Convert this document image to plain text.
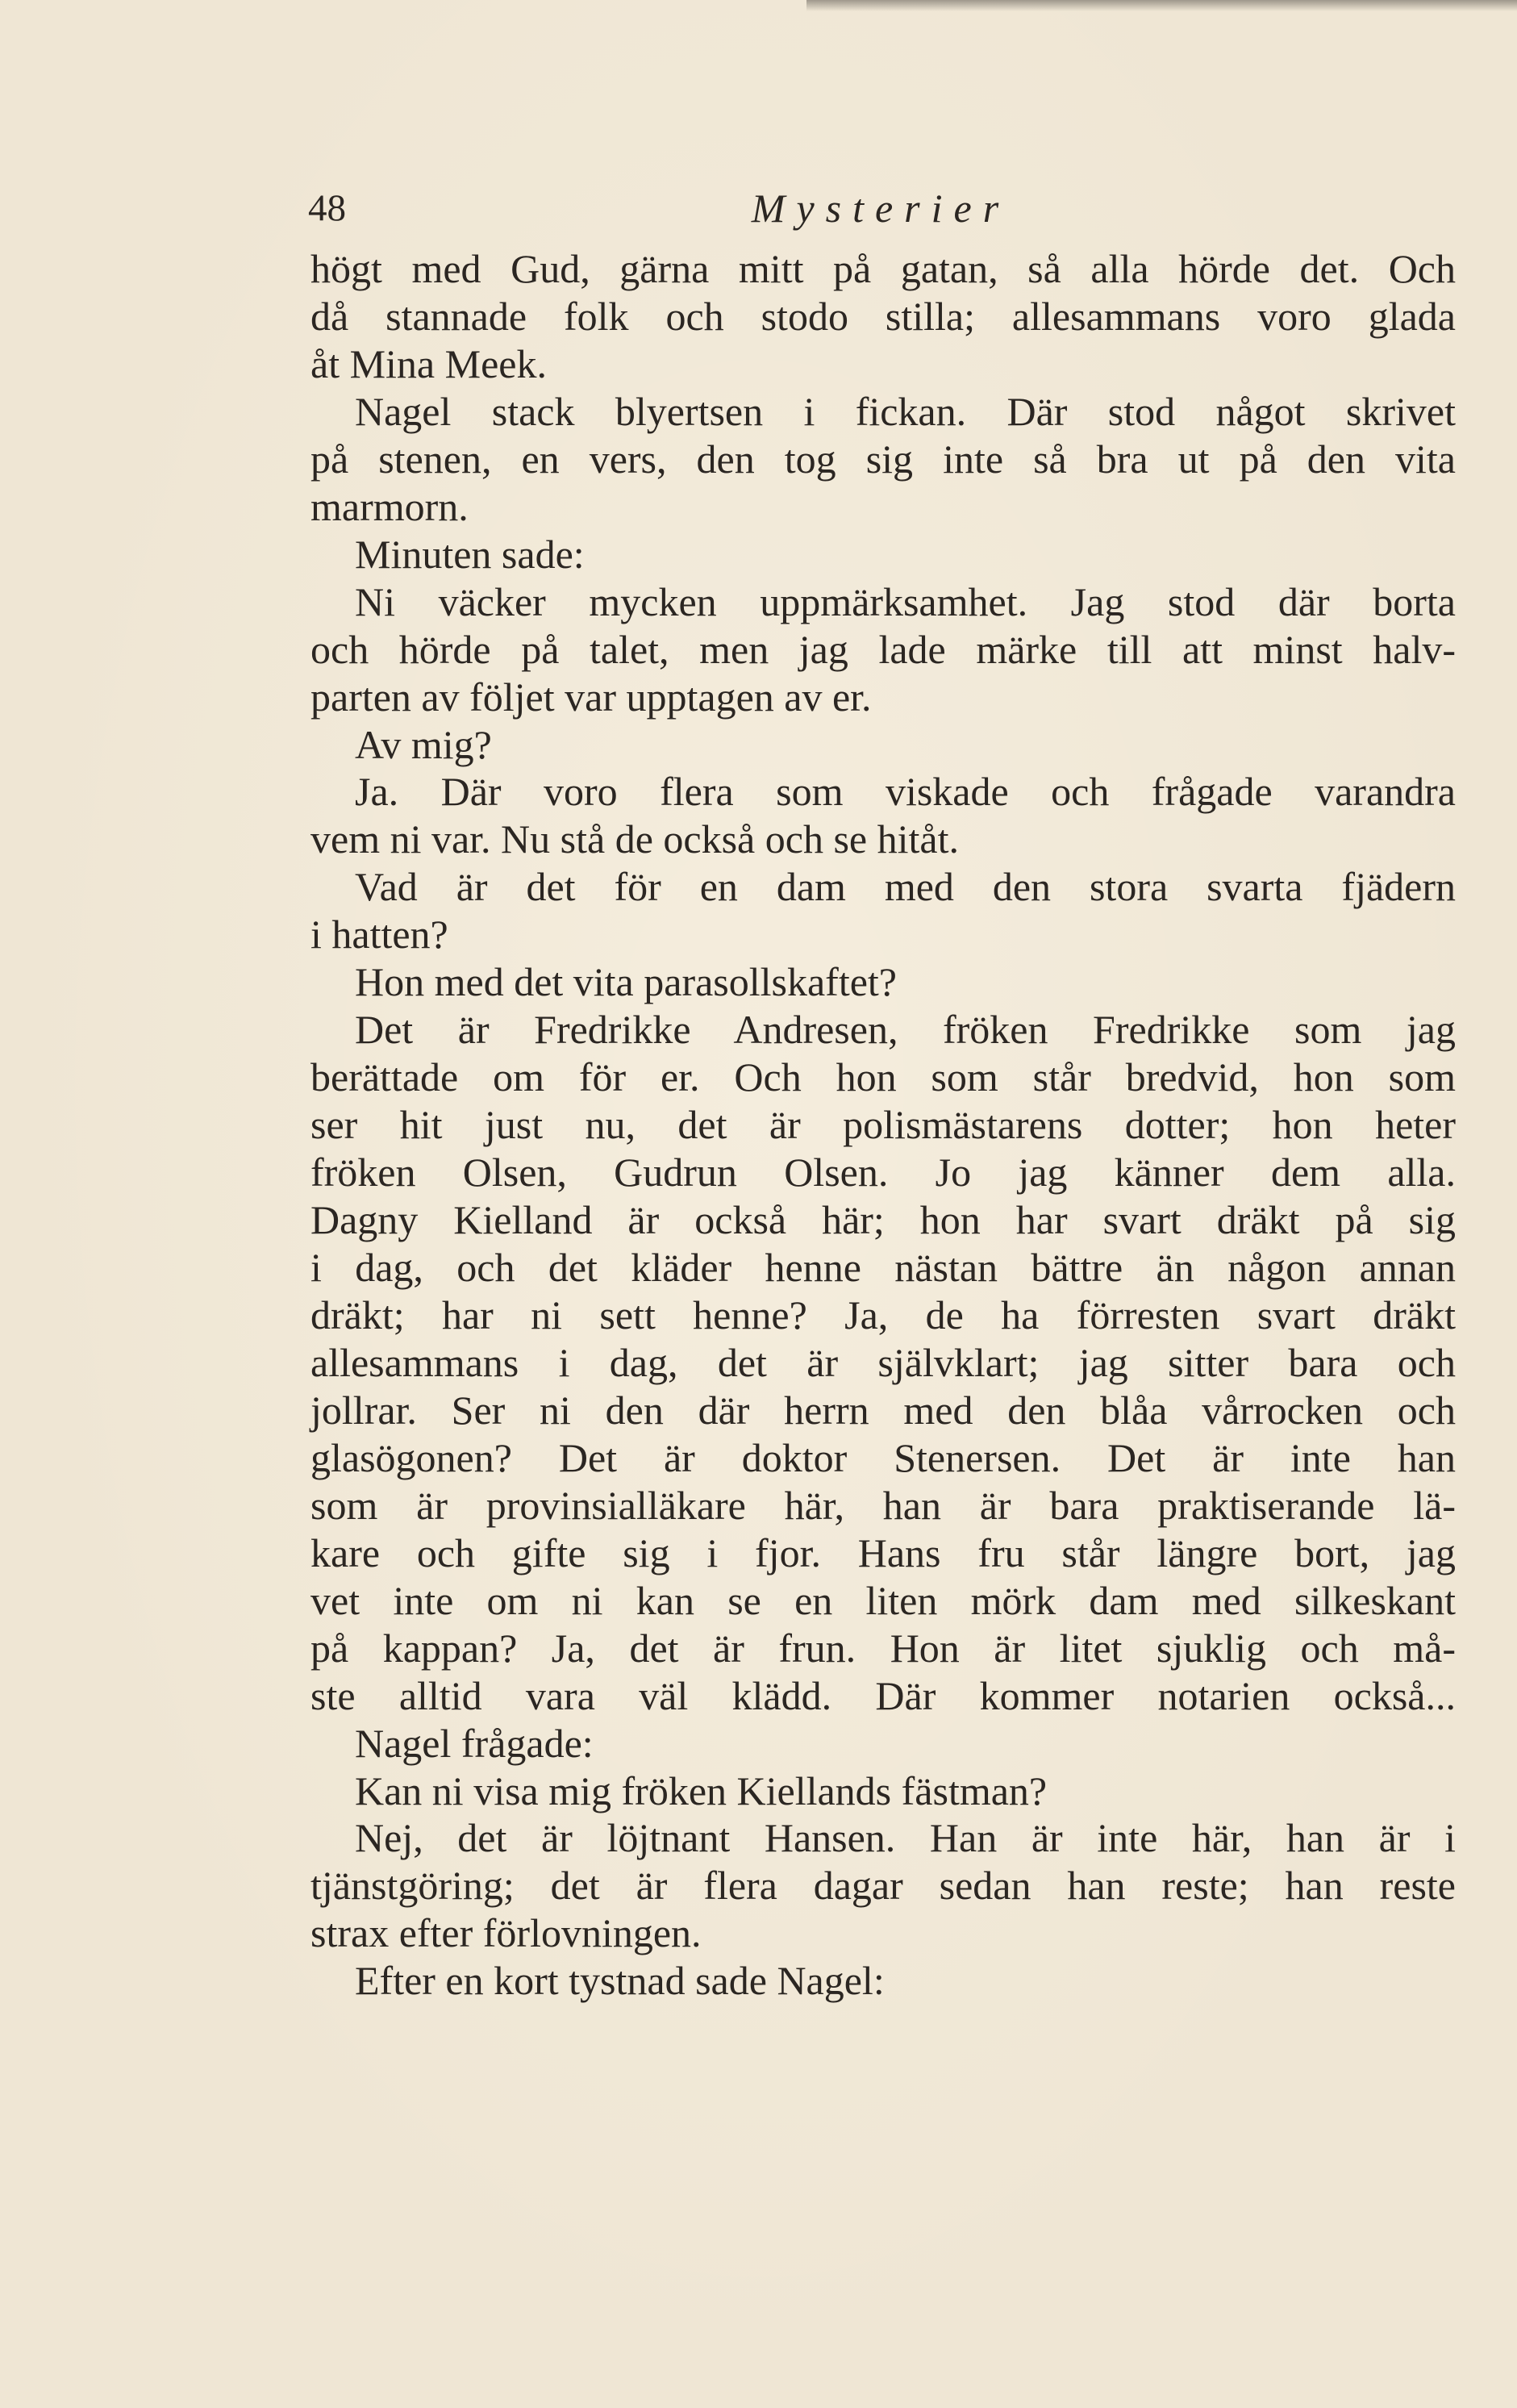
48	Mysterier
högt med Gud, gärna mitt på gatan, så alla hörde det. Och
då stannade folk och stodo stilla; allesammans voro glada
åt Mina Meek.
Nagel stack blyertsen i fickan. Där stod något skrivet
på stenen, en vers, den tog sig inte så bra ut på den vita
marmorn.
Minuten sade:
Ni väcker mycken uppmärksamhet. Jag stod där borta
och hörde på talet, men jag lade märke till att minst halv-
parten av följet var upptagen av er.
Av mig?
Ja. Där voro flera som viskade och frågade varandra
vem ni var. Nu stå de också och se hitåt.
Vad är det för en dam med den stora svarta fjädern
i hatten?
Hon med det vita parasollskaftet?
Det är Fredrikke Andresen, fröken Fredrikke som jag
berättade om för er. Och hon som står bredvid, hon som
ser hit just nu, det är polismästarens dotter; hon heter
fröken Olsen, Gudrun Olsen. Jo jag känner dem alla.
Dagny Kielland är också här; hon har svart dräkt på sig
i dag, och det kläder henne nästan bättre än någon annan
dräkt; har ni sett henne? Ja, de ha förresten svart dräkt
allesammans i dag, det är självklart; jag sitter bara och
jollrar. Ser ni den där herrn med den blåa vårrocken och
glasögonen? Det är doktor Stenersen. Det är inte han
som är provinsialläkare här, han är bara praktiserande lä-
kare och gifte sig i fjor. Hans fru står längre bort, jag
vet inte om ni kan se en liten mörk dam med silkeskant
på kappan? Ja, det är frun. Hon är litet sjuklig och må-
ste alltid vara väl klädd. Där kommer notarien också...
Nagel frågade:
Kan ni visa mig fröken Kiellands fästman?
Nej, det är löjtnant Hansen. Han är inte här, han är i
tjänstgöring; det är flera dagar sedan han reste; han reste
strax efter förlovningen.
Efter en kort tystnad sade Nagel:
